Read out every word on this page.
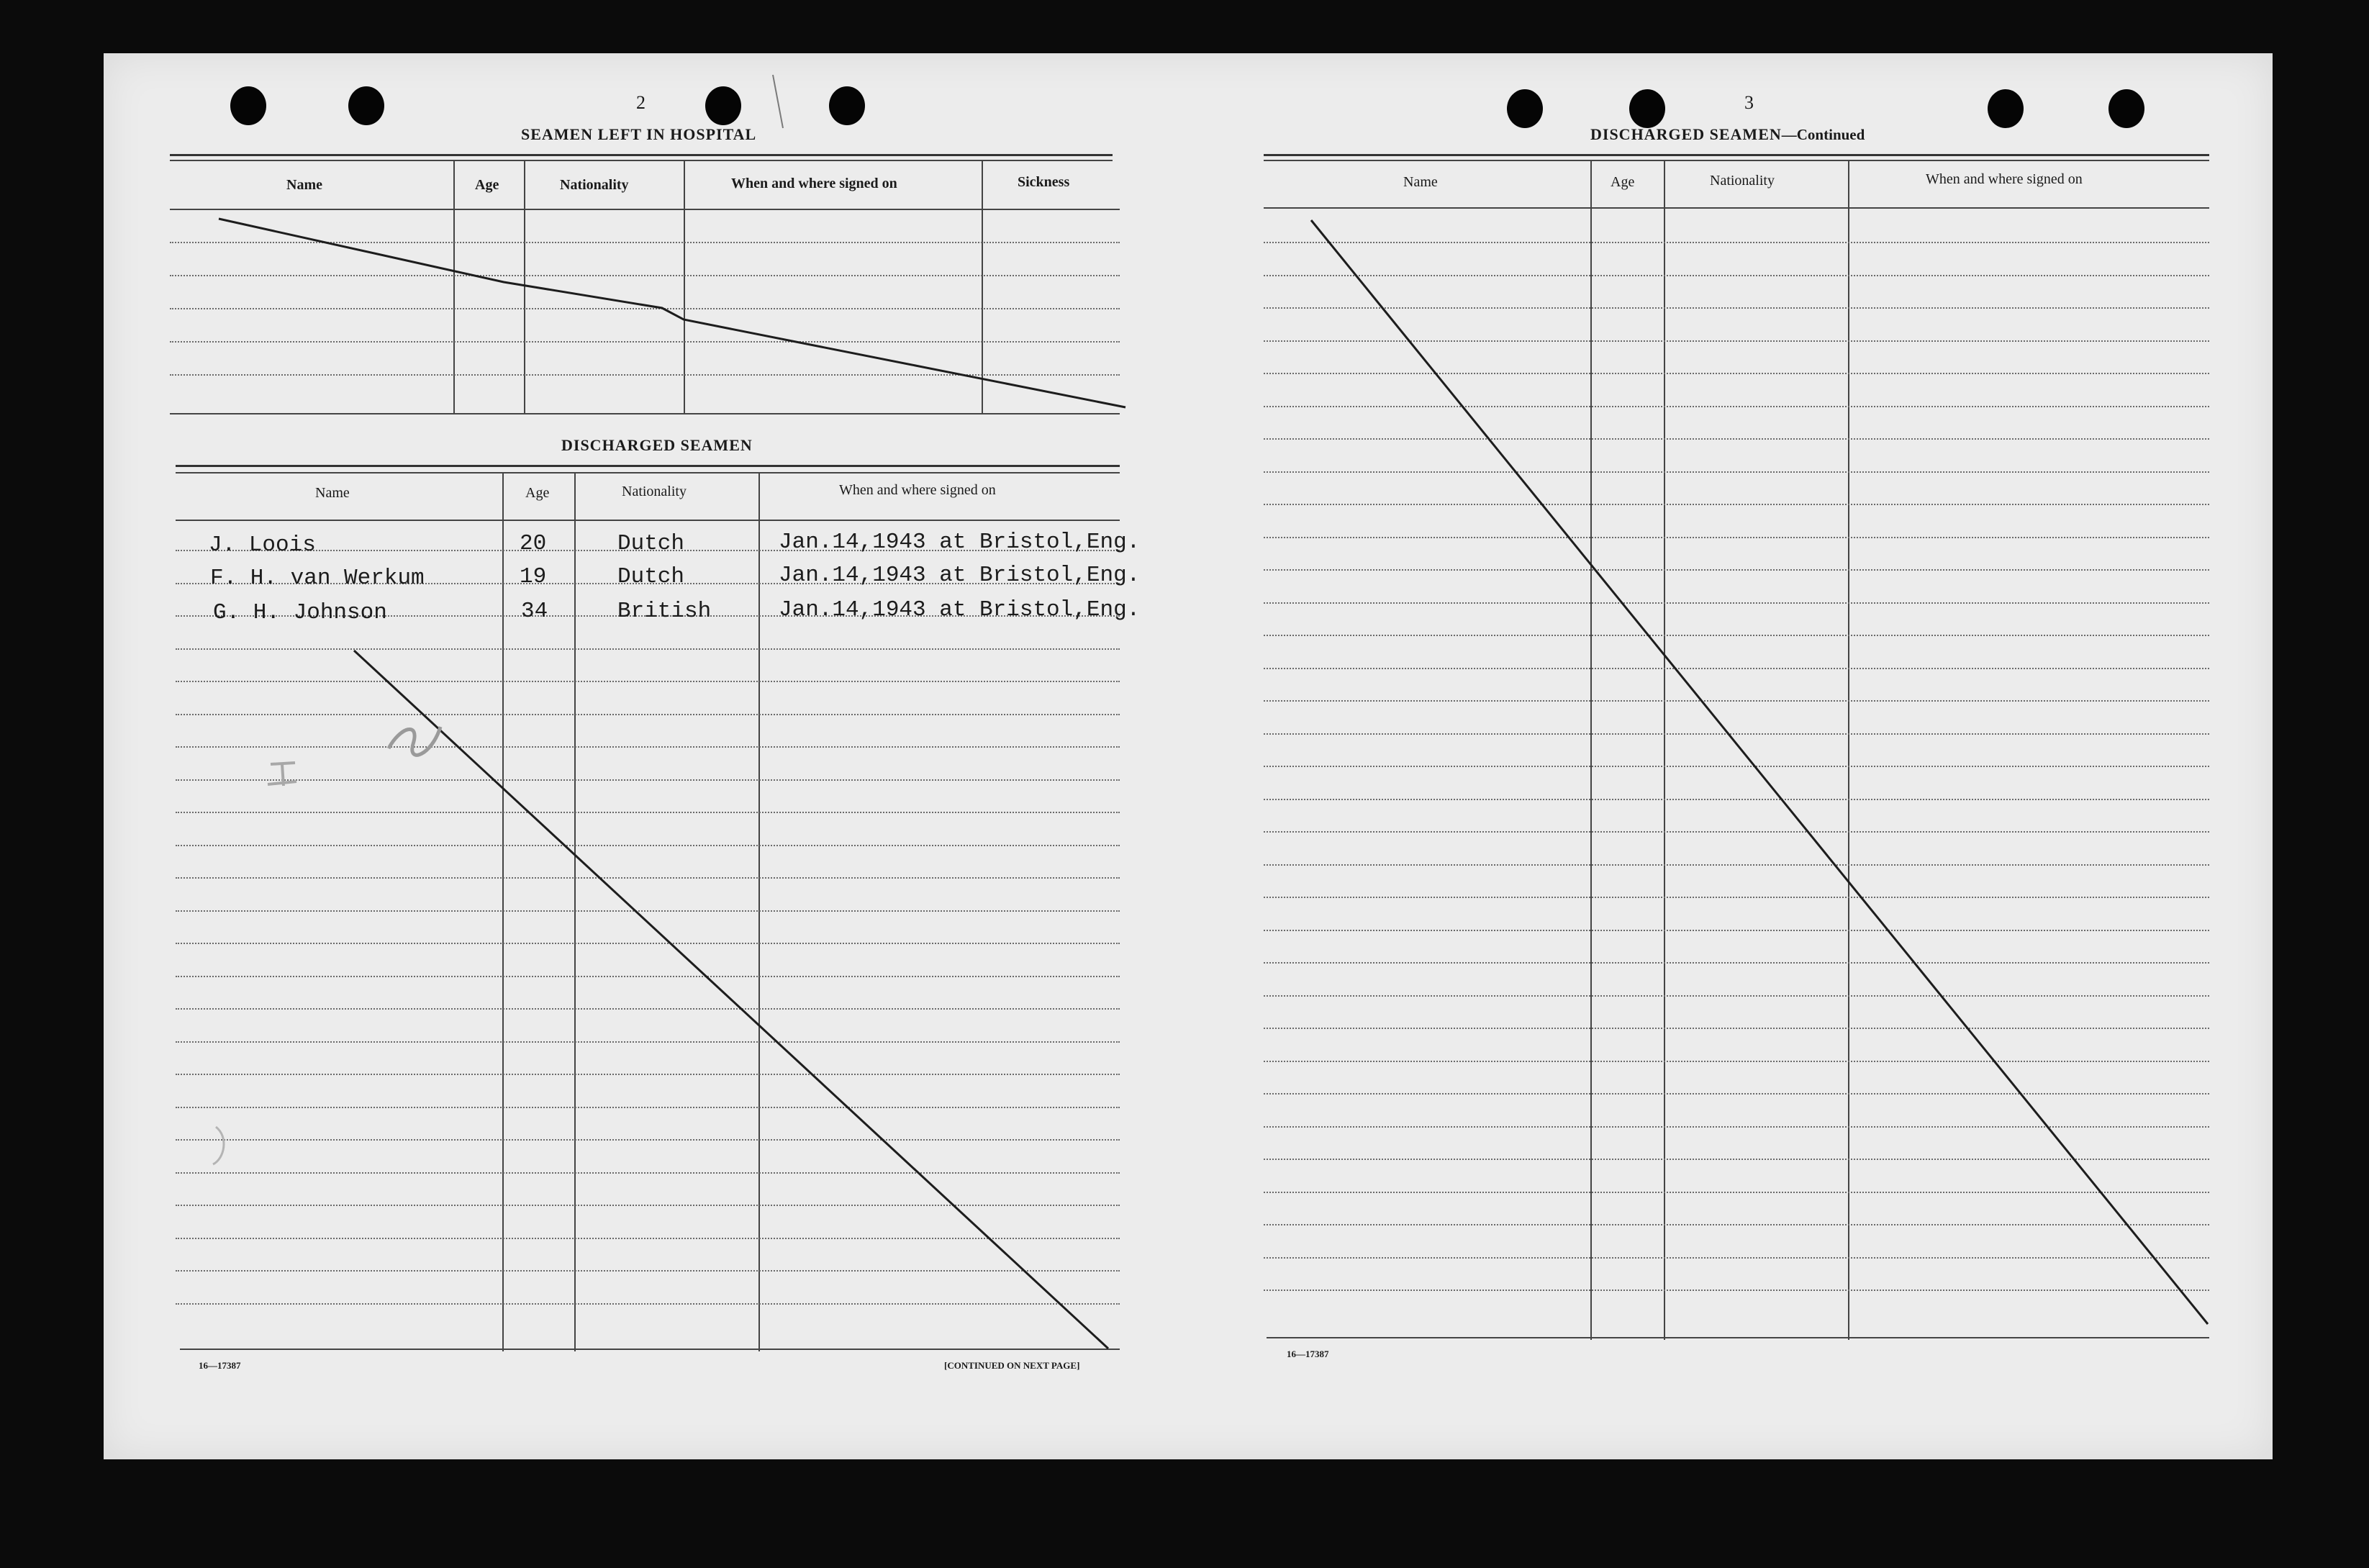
2
SEAMEN LEFT IN HOSPITAL
Name	Age	Nationality	When and where signed on	Sickness
DISCHARGED SEAMEN
Name	Age	Nationality	When and where signed on
J. Loois	20	Dutch	Jan.14,1943 at Bristol,Eng.
F. H. van Werkum	19	Dutch	Jan.14,1943 at Bristol,Eng.
G. H. Johnson	34	British	Jan.14,1943 at Bristol,Eng.
16—17387	[CONTINUED ON NEXT PAGE]
3
DISCHARGED SEAMEN—Continued
Name	Age	Nationality	When and where signed on
16—17387
